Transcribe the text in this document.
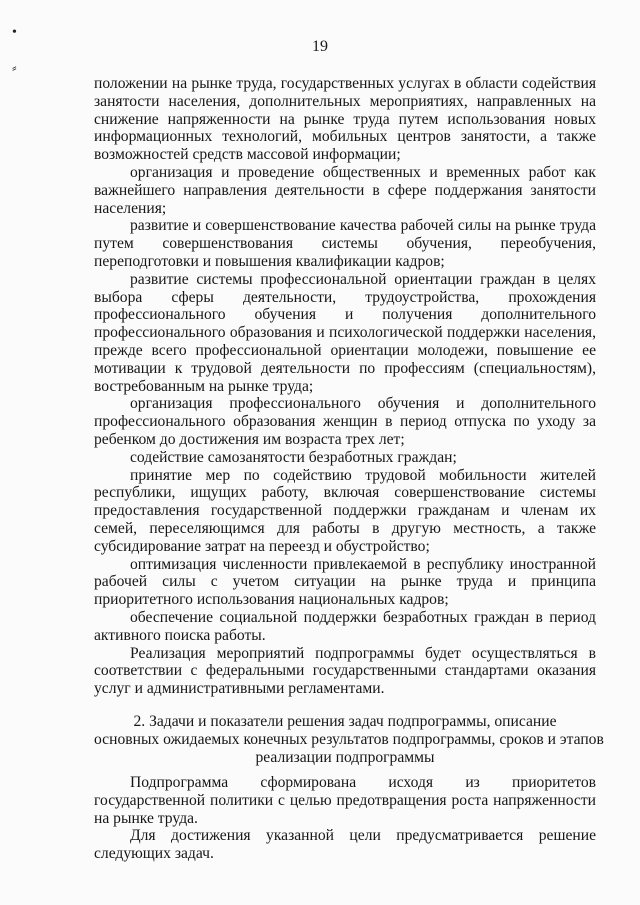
•
⸗
19

положении на рынке труда, государственных услугах в области содействия занятости населения, дополнительных мероприятиях, направленных на снижение напряженности на рынке труда путем использования новых информационных технологий, мобильных центров занятости, а также возможностей средств массовой информации;

организация и проведение общественных и временных работ как важнейшего направления деятельности в сфере поддержания занятости населения;

развитие и совершенствование качества рабочей силы на рынке труда путем совершенствования системы обучения, переобучения, переподготовки и повышения квалификации кадров;

развитие системы профессиональной ориентации граждан в целях выбора сферы деятельности, трудоустройства, прохождения профессионального обучения и получения дополнительного профессионального образования и психологической поддержки населения, прежде всего профессиональной ориентации молодежи, повышение ее мотивации к трудовой деятельности по профессиям (специальностям), востребованным на рынке труда;

организация профессионального обучения и дополнительного профессионального образования женщин в период отпуска по уходу за ребенком до достижения им возраста трех лет;

содействие самозанятости безработных граждан;

принятие мер по содействию трудовой мобильности жителей республики, ищущих работу, включая совершенствование системы предоставления государственной поддержки гражданам и членам их семей, переселяющимся для работы в другую местность, а также субсидирование затрат на переезд и обустройство;

оптимизация численности привлекаемой в республику иностранной рабочей силы с учетом ситуации на рынке труда и принципа приоритетного использования национальных кадров;

обеспечение социальной поддержки безработных граждан в период активного поиска работы.

Реализация мероприятий подпрограммы будет осуществляться в соответствии с федеральными государственными стандартами оказания услуг и административными регламентами.

2. Задачи и показатели решения задач подпрограммы, описание
основных ожидаемых конечных результатов подпрограммы, сроков и этапов
реализации подпрограммы

Подпрограмма сформирована исходя из приоритетов государственной политики с целью предотвращения роста напряженности на рынке труда.

Для достижения указанной цели предусматривается решение следующих задач.
